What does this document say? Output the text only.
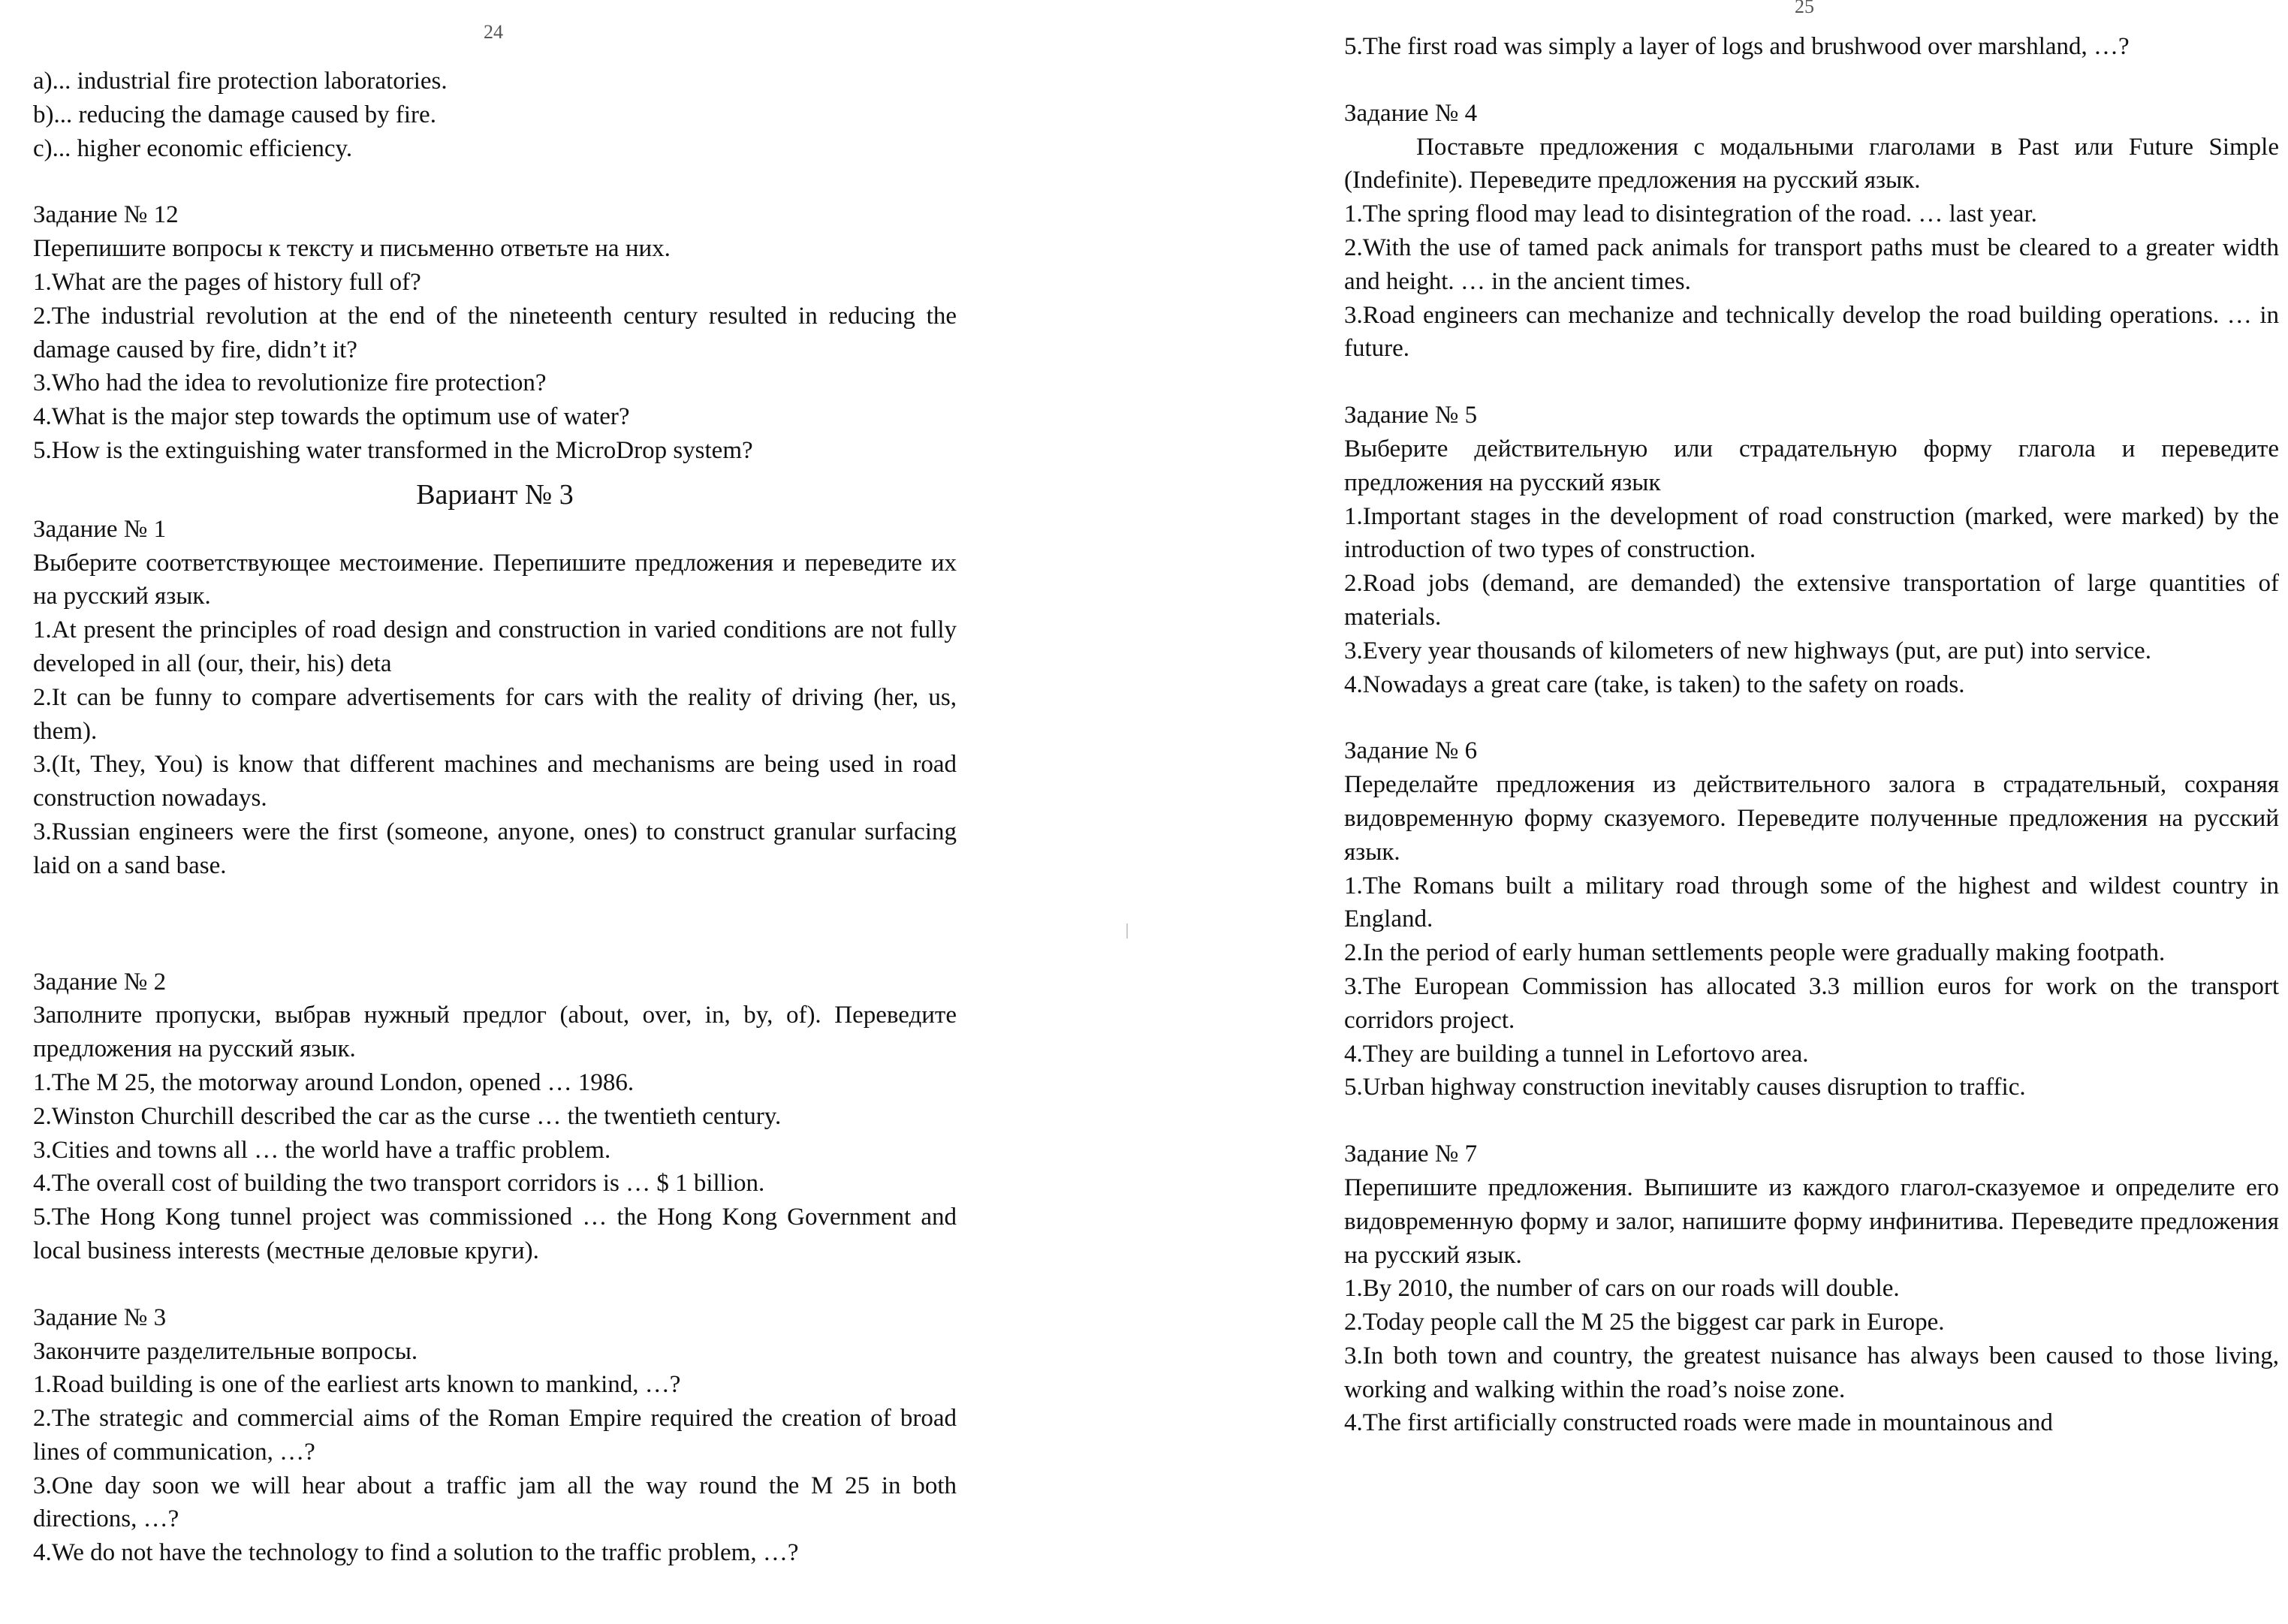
24

a)... industrial fire protection laboratories.

b)... reducing the damage caused by fire.

c)... higher economic efficiency.

Задание № 12

Перепишите вопросы к тексту и письменно ответьте на них.

1.What are the pages of history full of?

2.The industrial revolution at the end of the nineteenth century resulted in reducing the damage caused by fire, didn’t it?

3.Who had the idea to revolutionize fire protection?

4.What is the major step towards the optimum use of water?

5.How is the extinguishing water transformed in the MicroDrop system?

Вариант № 3

Задание № 1

Выберите соответствующее местоимение. Перепишите предложения и переведите их на русский язык.

1.At present the principles of road design and construction in varied conditions are not fully developed in all (our, their, his) deta

2.It can be funny to compare advertisements for cars with the reality of driving (her, us, them).

3.(It, They, You) is know that different machines and mechanisms are being used in road construction nowadays.

3.Russian engineers were the first (someone, anyone, ones) to construct granular surfacing laid on a sand base.

Задание № 2

Заполните пропуски, выбрав нужный предлог (about, over, in, by, of). Переведите предложения на русский язык.

1.The M 25, the motorway around London, opened … 1986.

2.Winston Churchill described the car as the curse … the twentieth century.

3.Cities and towns all … the world have a traffic problem.

4.The overall cost of building the two transport corridors is … $ 1 billion.

5.The Hong Kong tunnel project was commissioned … the Hong Kong Government and local business interests (местные деловые круги).

Задание № 3

Закончите разделительные вопросы.

1.Road building is one of the earliest arts known to mankind, …?

2.The strategic and commercial aims of the Roman Empire required the creation of broad lines of communication, …?

3.One day soon we will hear about a traffic jam all the way round the M 25 in both directions, …?

4.We do not have the technology to find a solution to the traffic problem, …?

25

5.The first road was simply a layer of logs and brushwood over marshland, …?

Задание № 4

Поставьте предложения с модальными глаголами в Past или Future Simple (Indefinite). Переведите предложения на русский язык.

1.The spring flood may lead to disintegration of the road. … last year.

2.With the use of tamed pack animals for transport paths must be cleared to a greater width and height. … in the ancient times.

3.Road engineers can mechanize and technically develop the road building operations. … in future.

Задание № 5

Выберите действительную или страдательную форму глагола и переведите предложения на русский язык

1.Important stages in the development of road construction (marked, were marked) by the introduction of two types of construction.

2.Road jobs (demand, are demanded) the extensive transportation of large quantities of materials.

3.Every year thousands of kilometers of new highways (put, are put) into service.

4.Nowadays a great care (take, is taken) to the safety on roads.

Задание № 6

Переделайте предложения из действительного залога в страдательный, сохраняя видовременную форму сказуемого. Переведите полученные предложения на русский язык.

1.The Romans built a military road through some of the highest and wildest country in England.

2.In the period of early human settlements people were gradually making footpath.

3.The European Commission has allocated 3.3 million euros for work on the transport corridors project.

4.They are building a tunnel in Lefortovo area.

5.Urban highway construction inevitably causes disruption to traffic.

Задание № 7

Перепишите предложения. Выпишите из каждого глагол-сказуемое и определите его видовременную форму и залог, напишите форму инфинитива. Переведите предложения на русский язык.

1.By 2010, the number of cars on our roads will double.

2.Today people call the M 25 the biggest car park in Europe.

3.In both town and country, the greatest nuisance has always been caused to those living, working and walking within the road’s noise zone.

4.The first artificially constructed roads were made in mountainous and
